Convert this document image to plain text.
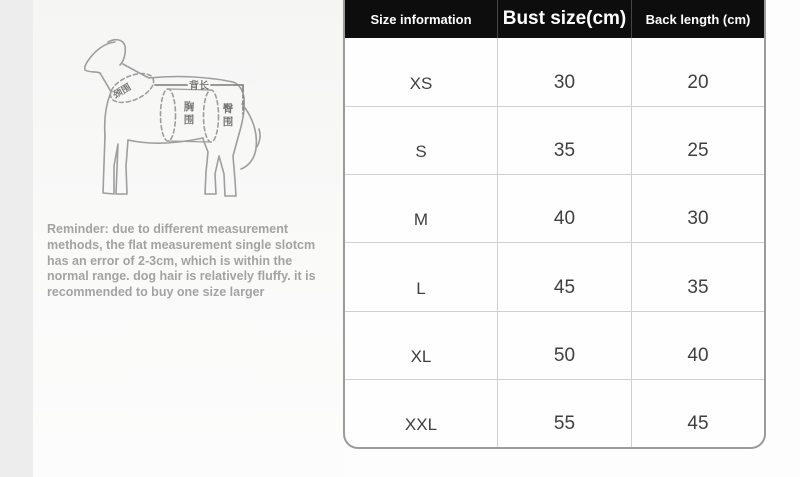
背长
颈围
胸
围
臀
围

Reminder: due to different measurement methods, the flat measurement single slotcm has an error of 2-3cm, which is within the normal range. dog hair is relatively fluffy. it is recommended to buy one size larger

Size information	Bust size(cm)	Back length (cm)
XS	30	20
S	35	25
M	40	30
L	45	35
XL	50	40
XXL	55	45
